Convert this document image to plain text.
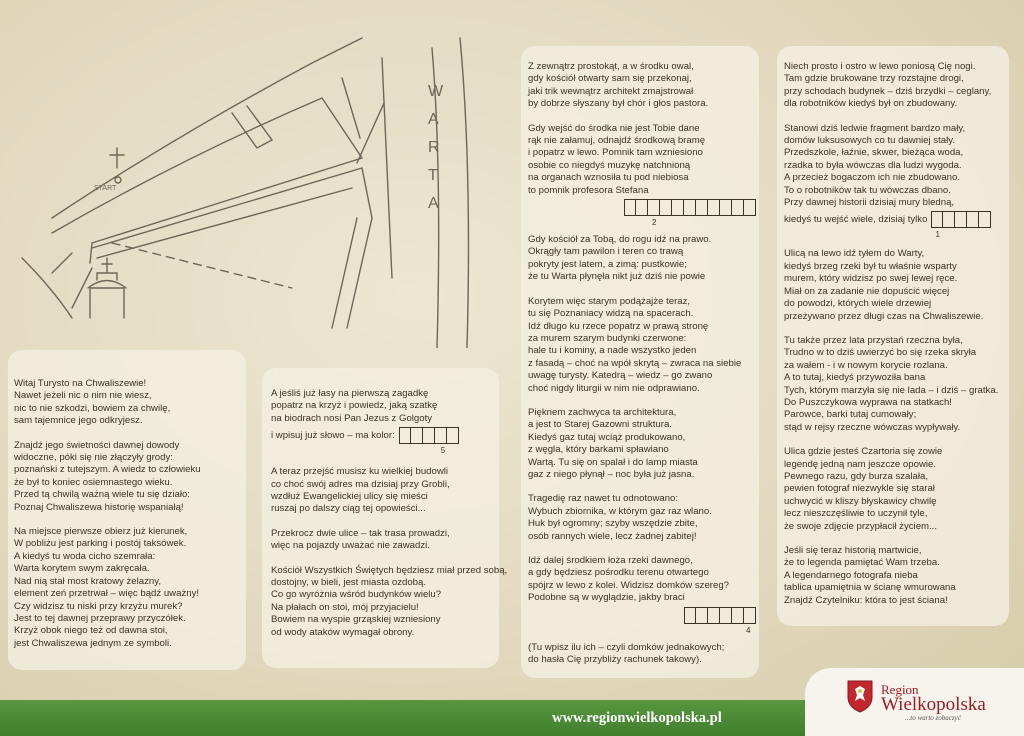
START
WARTA

Witaj Turysto na Chwaliszewie!
Nawet jeżeli nic o nim nie wiesz,
nic to nie szkodzi, bowiem za chwilę,
sam tajemnice jego odkryjesz.

Znajdź jego świetności dawnej dowody
widoczne, póki się nie złączyły grody:
poznański z tutejszym. A wiedz to człowieku
że był to koniec osiemnastego wieku.
Przed tą chwilą ważną wiele tu się działo:
Poznaj Chwaliszewa historię wspaniałą!

Na miejsce pierwsze obierz już kierunek,
W pobliżu jest parking i postój taksówek.
A kiedyś tu woda cicho szemrała:
Warta korytem swym zakręcała.
Nad nią stał most kratowy żelazny,
element zeń przetrwał – więc bądź uważny!
Czy widzisz tu niski przy krzyżu murek?
Jest to tej dawnej przeprawy przyczółek.
Krzyż obok niego też od dawna stoi,
jest Chwaliszewa jednym ze symboli.

A jeśliś już łasy na pierwszą zagadkę
popatrz na krzyż i powiedz, jaką szatkę
na biodrach nosi Pan Jezus z Golgoty

i wpisuj już słowo – ma kolor:
5

A teraz przejść musisz ku wielkiej budowli
co choć swój adres ma dzisiaj przy Grobli,
wzdłuż Ewangelickiej ulicy się mieści
ruszaj po dalszy ciąg tej opowieści...

Przekrocz dwie ulice – tak trasa prowadzi,
więc na pojazdy uważać nie zawadzi.

Kościół Wszystkich Świętych będziesz miał przed sobą,
dostojny, w bieli, jest miasta ozdobą.
Co go wyróżnia wśród budynków wielu?
Na płałach on stoi, mój przyjacielu!
Bowiem na wyspie grząskiej wzniesiony
od wody ataków wymagał obrony.

Z zewnątrz prostokąt, a w środku owal,
gdy kościół otwarty sam się przekonaj,
jaki trik wewnątrz architekt zmajstrował
by dobrze słyszany był chór i głos pastora.

Gdy wejść do środka nie jest Tobie dane
rąk nie załamuj, odnajdź środkową bramę
i popatrz w lewo. Pomnik tam wzniesiono
osobie co niegdyś muzykę natchnioną
na organach wznosiła tu pod niebiosa
to pomnik profesora Stefana

2

Gdy kościół za Tobą, do rogu idź na prawo.
Okrągły tam pawilon i teren co trawą
pokryty jest latem, a zimą: pustkowie;
że tu Warta płynęła nikt już dziś nie powie

Korytem więc starym podążajże teraz,
tu się Poznaniacy widzą na spacerach.
Idź długo ku rzece popatrz w prawą stronę
za murem szarym budynki czerwone:
hale tu i kominy, a nade wszystko jeden
z fasadą – choć na wpół skrytą – zwraca na siebie
uwagę turysty. Katedrą – wiedz – go zwano
choć nigdy liturgii w nim nie odprawiano.

Pięknem zachwyca ta architektura,
a jest to Starej Gazowni struktura.
Kiedyś gaz tutaj wciąż produkowano,
z węgla, który barkami spławiano
Wartą. Tu się on spalał i do lamp miasta
gaz z niego płynął – noc była już jasna.

Tragedię raz nawet tu odnotowano:
Wybuch zbiornika, w którym gaz raz wlano.
Huk był ogromny; szyby wszędzie zbite,
osób rannych wiele, lecz żadnej zabitej!

Idź dalej środkiem łoża rzeki dawnego,
a gdy będziesz pośrodku terenu otwartego
spójrz w lewo z kolei. Widzisz domków szereg?
Podobne są w wyglądzie, jakby braci

4

(Tu wpisz ilu ich – czyli domków jednakowych;
do hasła Cię przybliży rachunek takowy).

Niech prosto i ostro w lewo poniosą Cię nogi.
Tam gdzie brukowane trzy rozstajne drogi,
przy schodach budynek – dziś brzydki – ceglany,
dla robotników kiedyś był on zbudowany.

Stanowi dziś ledwie fragment bardzo mały,
domów luksusowych co tu dawniej stały.
Przedszkole, łaźnie, skwer, bieżąca woda,
rzadka to była wówczas dla ludzi wygoda.
A przecież bogaczom ich nie zbudowano.
To o robotników tak tu wówczas dbano.
Przy dawnej historii dzisiaj mury bledną,

kiedyś tu wejść wiele, dzisiaj tylko
1

Ulicą na lewo idź tyłem do Warty,
kiedyś brzeg rzeki był tu właśnie wsparty
murem, który widzisz po swej lewej ręce.
Miał on za zadanie nie dopuścić więcej
do powodzi, których wiele drzewiej
przeżywano przez długi czas na Chwaliszewie.

Tu także przez lata przystań rzeczna była,
Trudno w to dziś uwierzyć bo się rzeka skryła
za wałem - i w nowym korycie rozlana.
A to tutaj, kiedyś przywoziła bana
Tych, którym marzyła się nie lada – i dziś – gratka.
Do Puszczykowa wyprawa na statkach!
Parowce, barki tutaj cumowały;
stąd w rejsy rzeczne wówczas wypływały.

Ulica gdzie jesteś Czartoria się zowie
legendę jedną nam jeszcze opowie.
Pewnego razu, gdy burza szalała,
pewien fotograf niezwykle się starał
uchwycić w kliszy błyskawicy chwilę
lecz nieszczęśliwie to uczynił tyle,
że swoje zdjęcie przypłacił życiem...

Jeśli się teraz historią martwicie,
że to legenda pamiętać Wam trzeba.
A legendarnego fotografa nieba
tablica upamiętnia w ścianę wmurowana
Znajdź Czytelniku: która to jest ściana!

www.regionwielkopolska.pl
Region
Wielkopolska
...to warto zobaczyć
